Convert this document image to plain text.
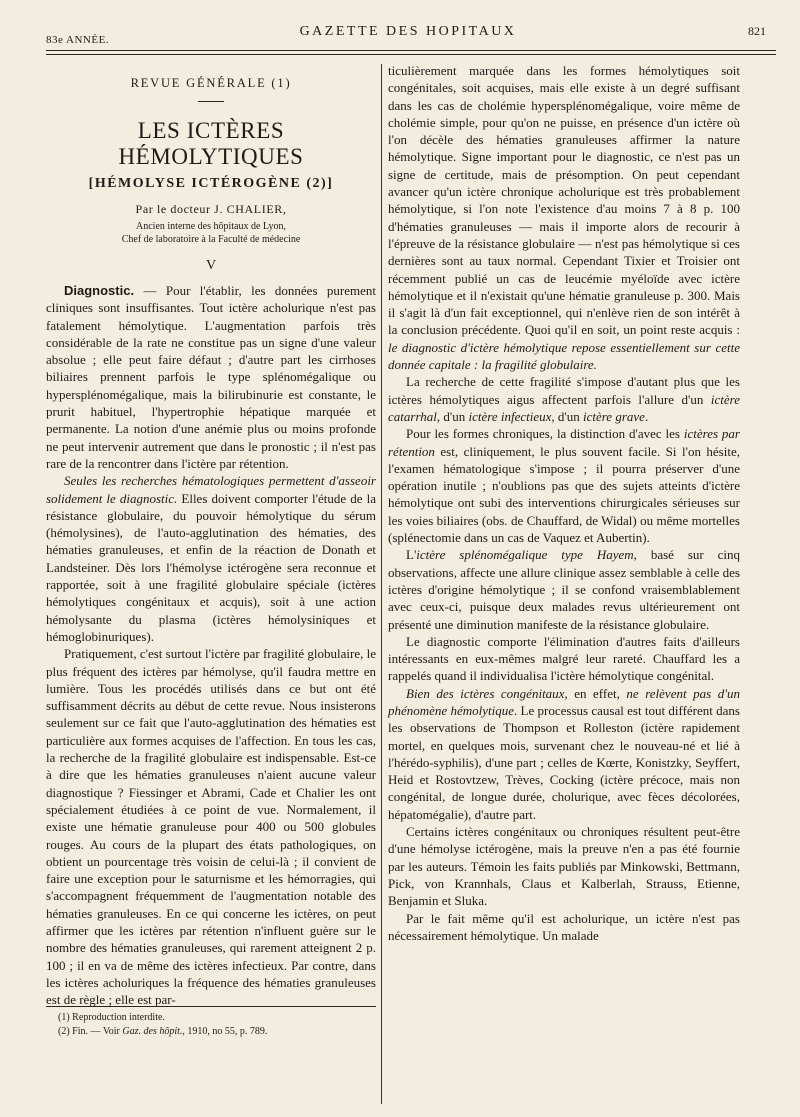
83e ANNÉE.
GAZETTE DES HOPITAUX	821
REVUE GÉNÉRALE (1)
LES ICTÈRES HÉMOLYTIQUES
[HÉMOLYSE ICTÉROGÈNE (2)]
Par le docteur J. CHALIER,
Ancien interne des hôpitaux de Lyon,
Chef de laboratoire à la Faculté de médecine
V

Diagnostic. — Pour l'établir, les données purement cliniques sont insuffisantes. Tout ictère acholurique n'est pas fatalement hémolytique. L'augmentation parfois très considérable de la rate ne constitue pas un signe d'une valeur absolue ; elle peut faire défaut ; d'autre part les cirrhoses biliaires prennent parfois le type splénomégalique ou hypersplénomégalique, mais la bilirubinurie est constante, le prurit habituel, l'hypertrophie hépatique marquée et permanente. La notion d'une anémie plus ou moins profonde ne peut intervenir autrement que dans le pronostic ; il n'est pas rare de la rencontrer dans l'ictère par rétention.

Seules les recherches hématologiques permettent d'asseoir solidement le diagnostic. Elles doivent comporter l'étude de la résistance globulaire, du pouvoir hémolytique du sérum (hémolysines), de l'auto-agglutination des hématies, des hématies granuleuses, et enfin de la réaction de Donath et Landsteiner. Dès lors l'hémolyse ictérogène sera reconnue et rapportée, soit à une fragilité globulaire spéciale (ictères hémolytiques congénitaux et acquis), soit à une action hémolysante du plasma (ictères hémolysiniques et hémoglobinuriques).

Pratiquement, c'est surtout l'ictère par fragilité globulaire, le plus fréquent des ictères par hémolyse, qu'il faudra mettre en lumière. Tous les procédés utilisés dans ce but ont été suffisamment décrits au début de cette revue. Nous insisterons seulement sur ce fait que l'auto-agglutination des hématies est particulière aux formes acquises de l'affection. En tous les cas, la recherche de la fragilité globulaire est indispensable. Est-ce à dire que les hématies granuleuses n'aient aucune valeur diagnostique ? Fiessinger et Abrami, Cade et Chalier les ont spécialement étudiées à ce point de vue. Normalement, il existe une hématie granuleuse pour 400 ou 500 globules rouges. Au cours de la plupart des états pathologiques, on obtient un pourcentage très voisin de celui-là ; il convient de faire une exception pour le saturnisme et les hémorragies, qui s'accompagnent fréquemment de l'augmentation notable des hématies granuleuses. En ce qui concerne les ictères, on peut affirmer que les ictères par rétention n'influent guère sur le nombre des hématies granuleuses, qui rarement atteignent 2 p. 100 ; il en va de même des ictères infectieux. Par contre, dans les ictères acholuriques la fréquence des hématies granuleuses est de règle ; elle est par-

ticulièrement marquée dans les formes hémolytiques soit congénitales, soit acquises, mais elle existe à un degré suffisant dans les cas de cholémie hypersplénomégalique, voire même de cholémie simple, pour qu'on ne puisse, en présence d'un ictère où l'on décèle des hématies granuleuses affirmer la nature hémolytique. Signe important pour le diagnostic, ce n'est pas un signe de certitude, mais de présomption. On peut cependant avancer qu'un ictère chronique acholurique est très probablement hémolytique, si l'on note l'existence d'au moins 7 à 8 p. 100 d'hématies granuleuses — mais il importe alors de recourir à l'épreuve de la résistance globulaire — n'est pas hémolytique si ces dernières sont au taux normal. Cependant Tixier et Troisier ont récemment publié un cas de leucémie myéloïde avec ictère hémolytique et il n'existait qu'une hématie granuleuse p. 300. Mais il s'agit là d'un fait exceptionnel, qui n'enlève rien de son intérêt à la conclusion précédente. Quoi qu'il en soit, un point reste acquis : le diagnostic d'ictère hémolytique repose essentiellement sur cette donnée capitale : la fragilité globulaire.

La recherche de cette fragilité s'impose d'autant plus que les ictères hémolytiques aigus affectent parfois l'allure d'un ictère catarrhal, d'un ictère infectieux, d'un ictère grave.

Pour les formes chroniques, la distinction d'avec les ictères par rétention est, cliniquement, le plus souvent facile. Si l'on hésite, l'examen hématologique s'impose ; il pourra préserver d'une opération inutile ; n'oublions pas que des sujets atteints d'ictère hémolytique ont subi des interventions chirurgicales sérieuses sur les voies biliaires (obs. de Chauffard, de Widal) ou même mortelles (splénectomie dans un cas de Vaquez et Aubertin).

L'ictère splénomégalique type Hayem, basé sur cinq observations, affecte une allure clinique assez semblable à celle des ictères d'origine hémolytique ; il se confond vraisemblablement avec ceux-ci, puisque deux malades revus ultérieurement ont présenté une diminution manifeste de la résistance globulaire.

Le diagnostic comporte l'élimination d'autres faits d'ailleurs intéressants en eux-mêmes malgré leur rareté. Chauffard les a rappelés quand il individualisa l'ictère hémolytique congénital.

Bien des ictères congénitaux, en effet, ne relèvent pas d'un phénomène hémolytique. Le processus causal est tout différent dans les observations de Thompson et Rolleston (ictère rapidement mortel, en quelques mois, survenant chez le nouveau-né et lié à l'hérédo-syphilis), d'une part ; celles de Kœrte, Konistzky, Seyffert, Heid et Rostovtzew, Trèves, Cocking (ictère précoce, mais non congénital, de longue durée, cholurique, avec fèces décolorées, hépatomégalie), d'autre part.

Certains ictères congénitaux ou chroniques résultent peut-être d'une hémolyse ictérogène, mais la preuve n'en a pas été fournie par les auteurs. Témoin les faits publiés par Minkowski, Bettmann, Pick, von Krannhals, Claus et Kalberlah, Strauss, Etienne, Benjamin et Sluka.

Par le fait même qu'il est acholurique, un ictère n'est pas nécessairement hémolytique. Un malade

(1) Reproduction interdite.

(2) Fin. — Voir Gaz. des hôpit., 1910, no 55, p. 789.
